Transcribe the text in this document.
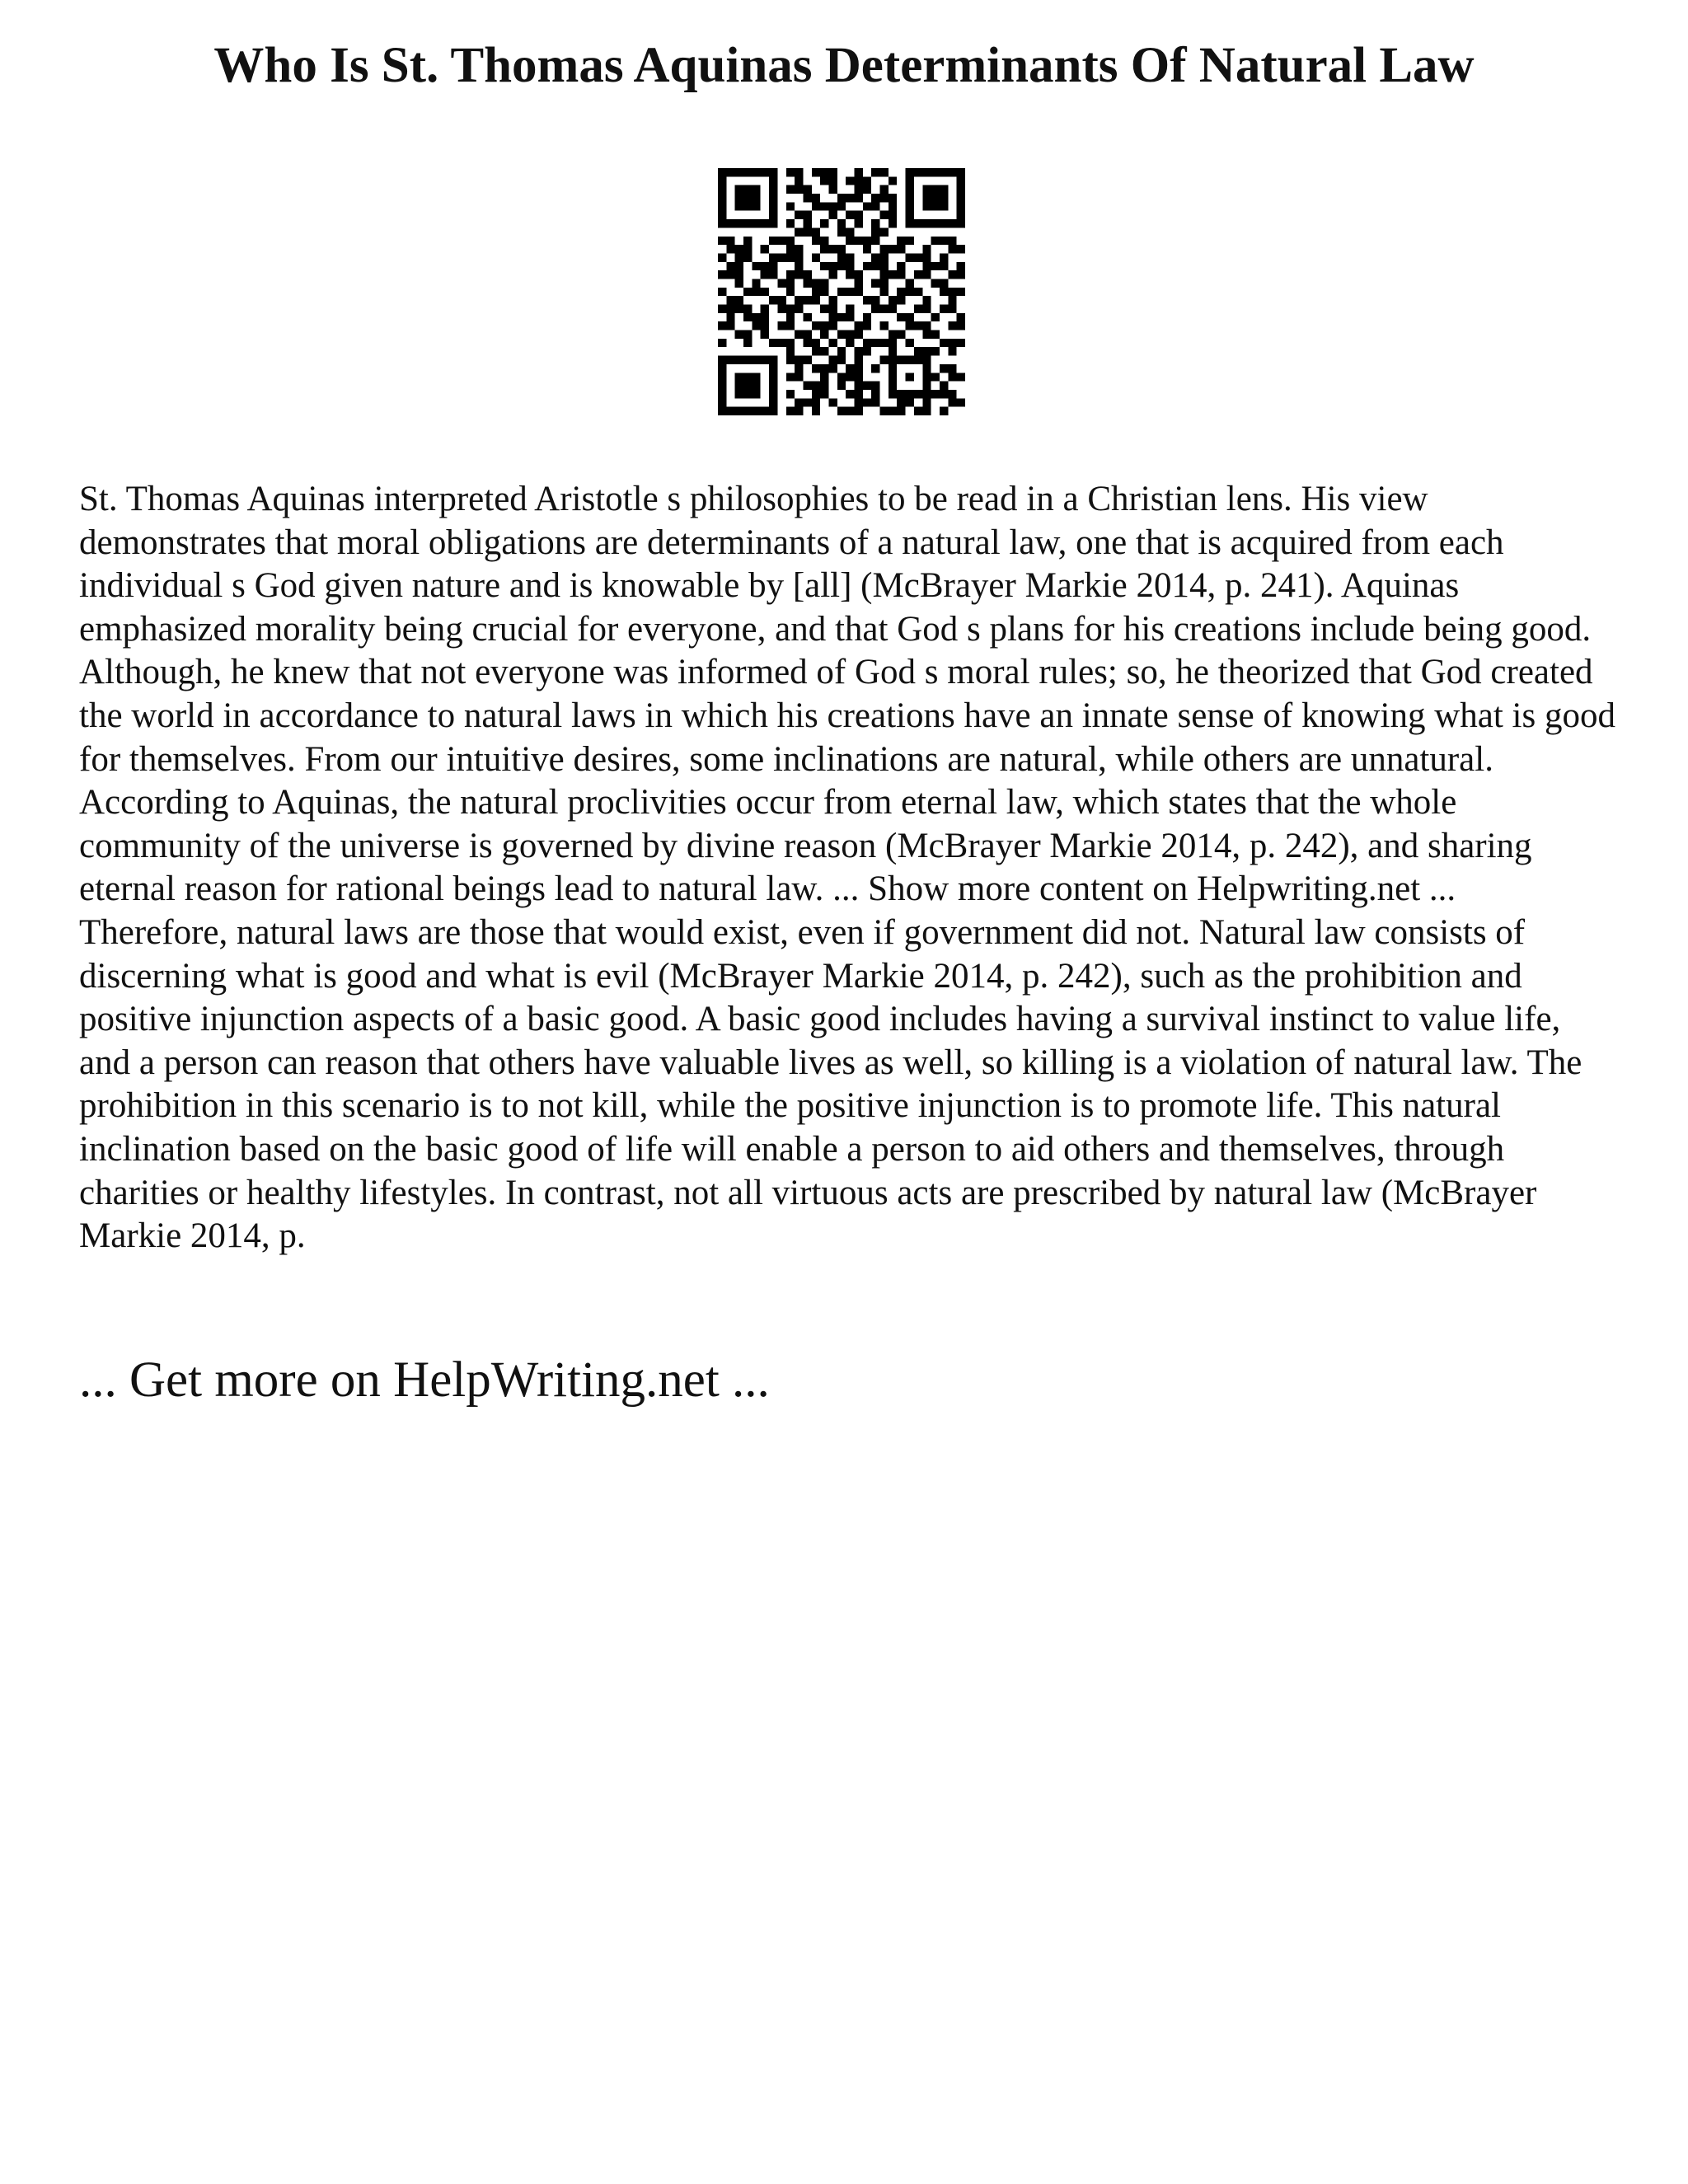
Who Is St. Thomas Aquinas Determinants Of Natural Law

St. Thomas Aquinas interpreted Aristotle s philosophies to be read in a Christian lens. His view demonstrates that moral obligations are determinants of a natural law, one that is acquired from each individual s God given nature and is knowable by [all] (McBrayer Markie 2014, p. 241). Aquinas emphasized morality being crucial for everyone, and that God s plans for his creations include being good. Although, he knew that not everyone was informed of God s moral rules; so, he theorized that God created the world in accordance to natural laws in which his creations have an innate sense of knowing what is good for themselves. From our intuitive desires, some inclinations are natural, while others are unnatural. According to Aquinas, the natural proclivities occur from eternal law, which states that the whole community of the universe is governed by divine reason (McBrayer Markie 2014, p. 242), and sharing eternal reason for rational beings lead to natural law. ... Show more content on Helpwriting.net ...

Therefore, natural laws are those that would exist, even if government did not. Natural law consists of discerning what is good and what is evil (McBrayer Markie 2014, p. 242), such as the prohibition and positive injunction aspects of a basic good. A basic good includes having a survival instinct to value life, and a person can reason that others have valuable lives as well, so killing is a violation of natural law. The prohibition in this scenario is to not kill, while the positive injunction is to promote life. This natural inclination based on the basic good of life will enable a person to aid others and themselves, through charities or healthy lifestyles. In contrast, not all virtuous acts are prescribed by natural law (McBrayer Markie 2014, p.

... Get more on HelpWriting.net ...
